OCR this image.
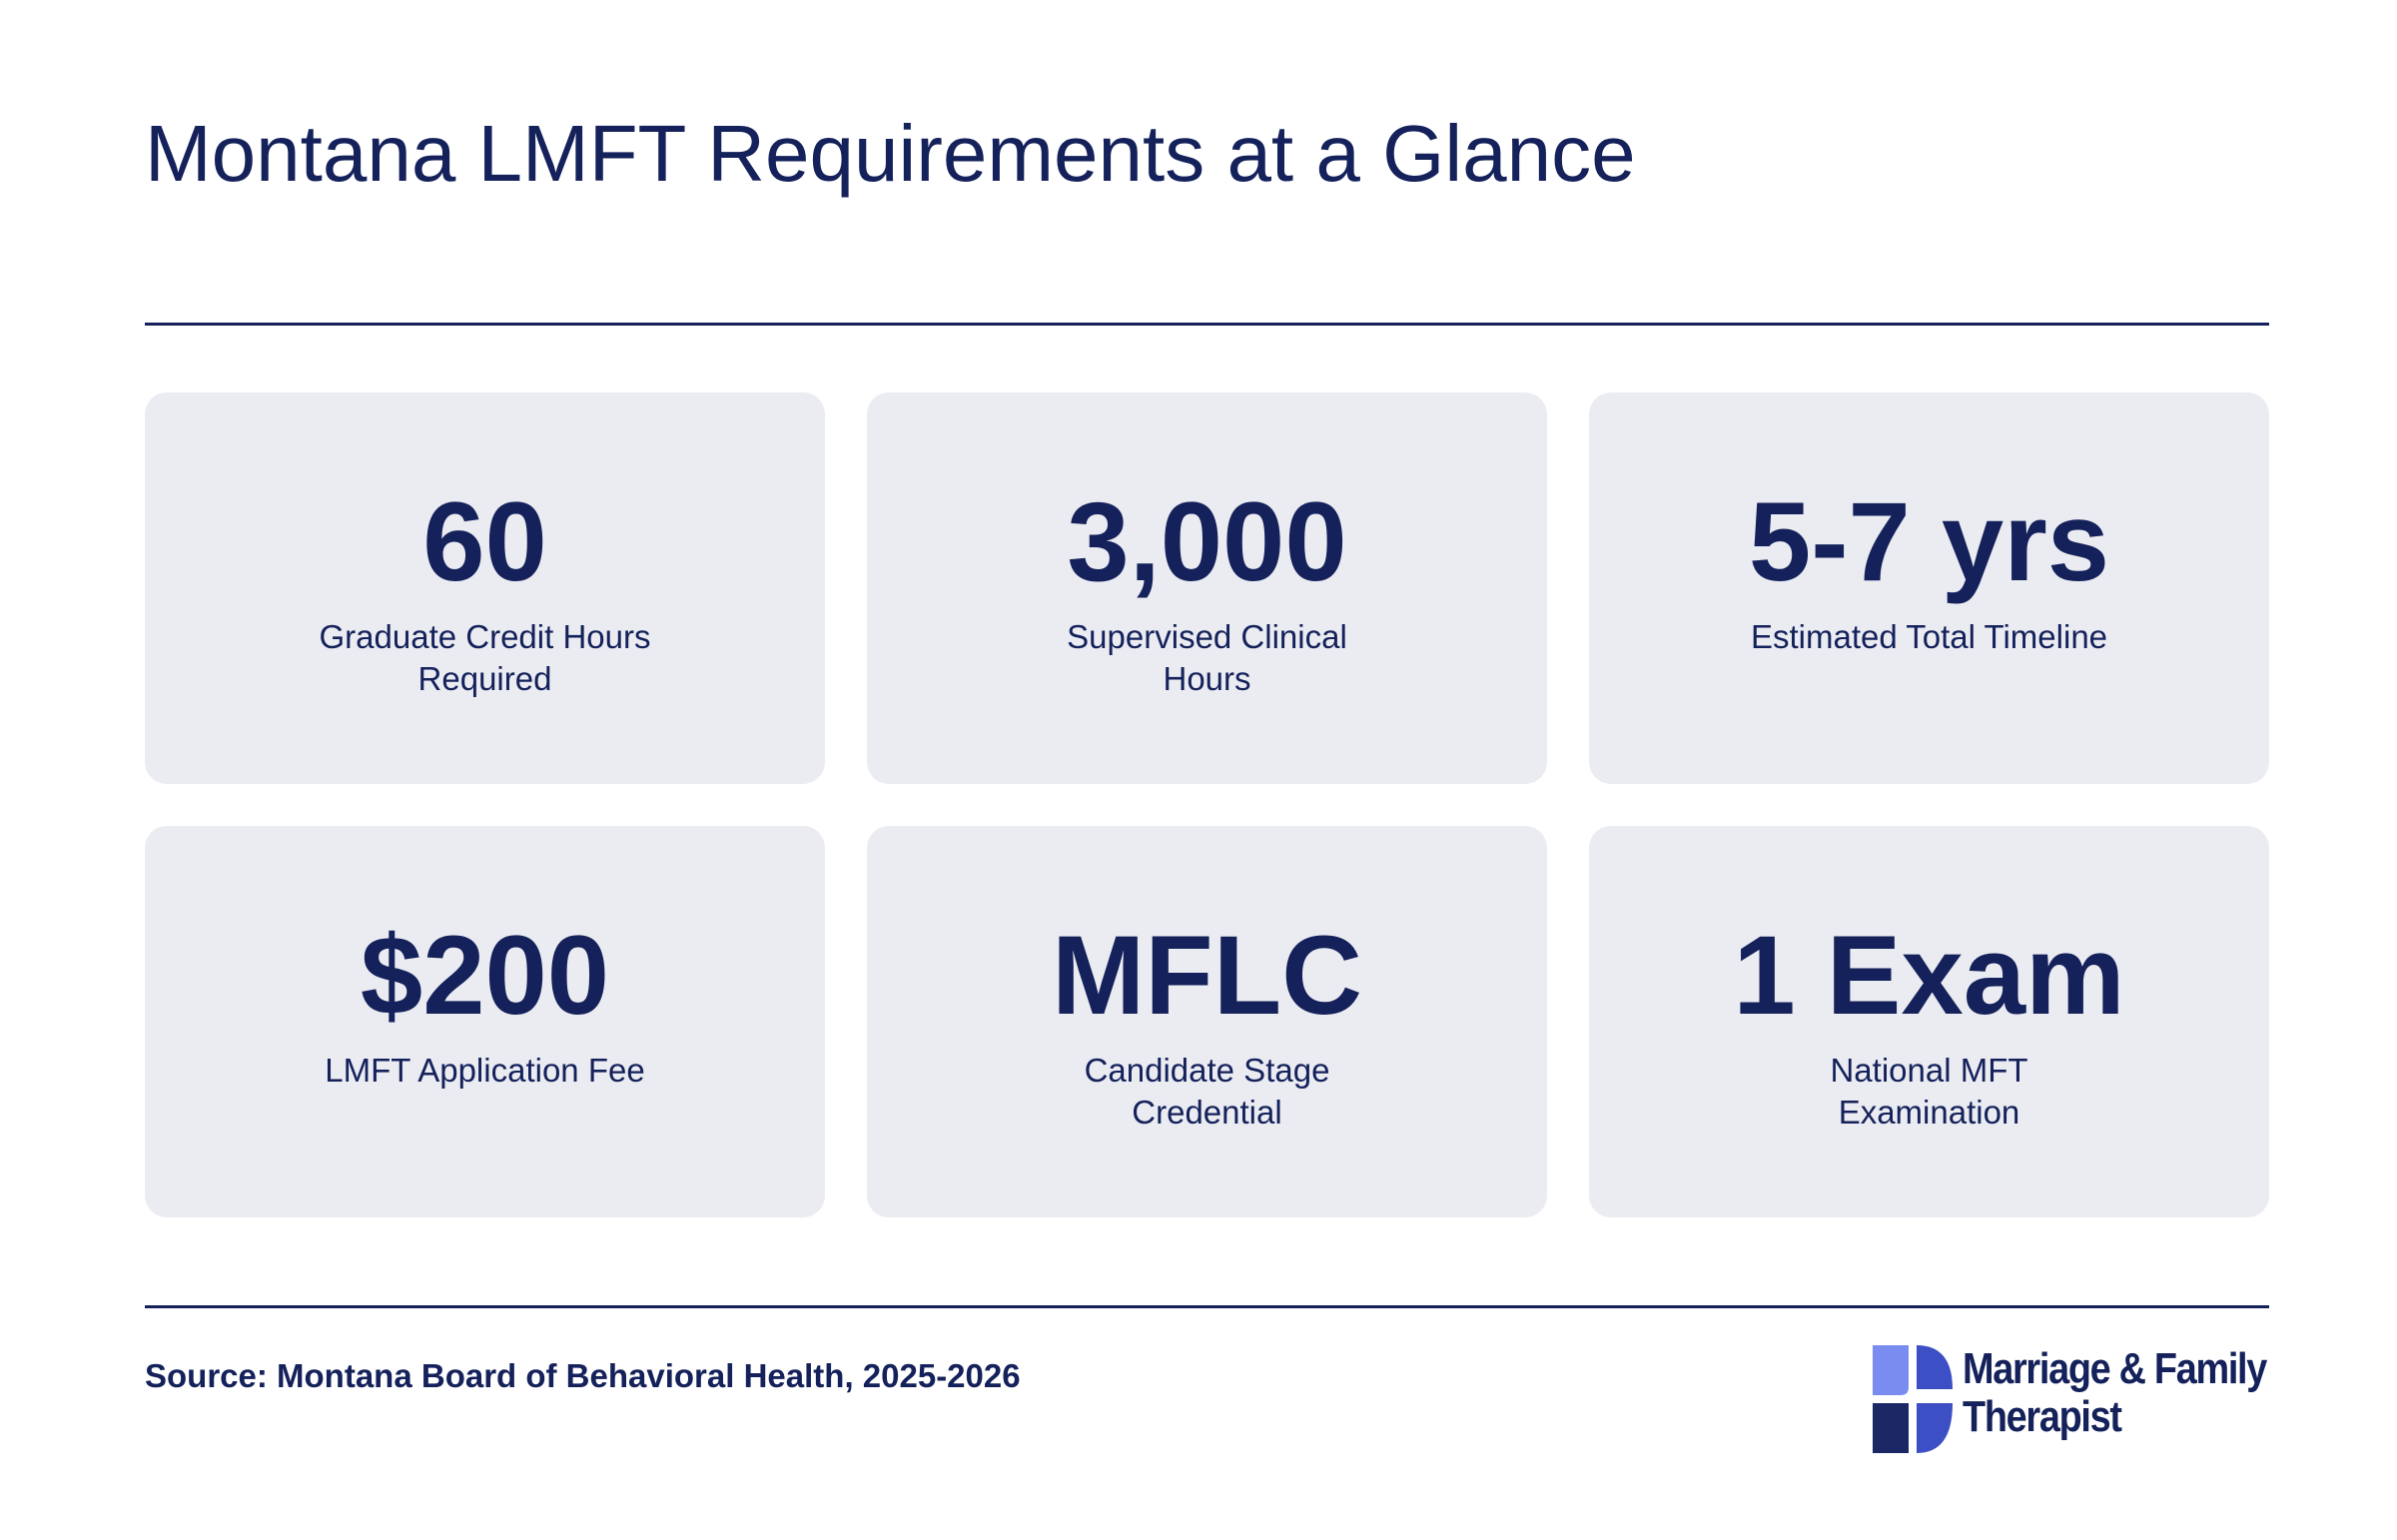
Montana LMFT Requirements at a Glance
60
Graduate Credit Hours Required
3,000
Supervised Clinical Hours
5-7 yrs
Estimated Total Timeline
$200
LMFT Application Fee
MFLC
Candidate Stage Credential
1 Exam
National MFT Examination
Source: Montana Board of Behavioral Health, 2025-2026	Marriage & Family
Therapist
